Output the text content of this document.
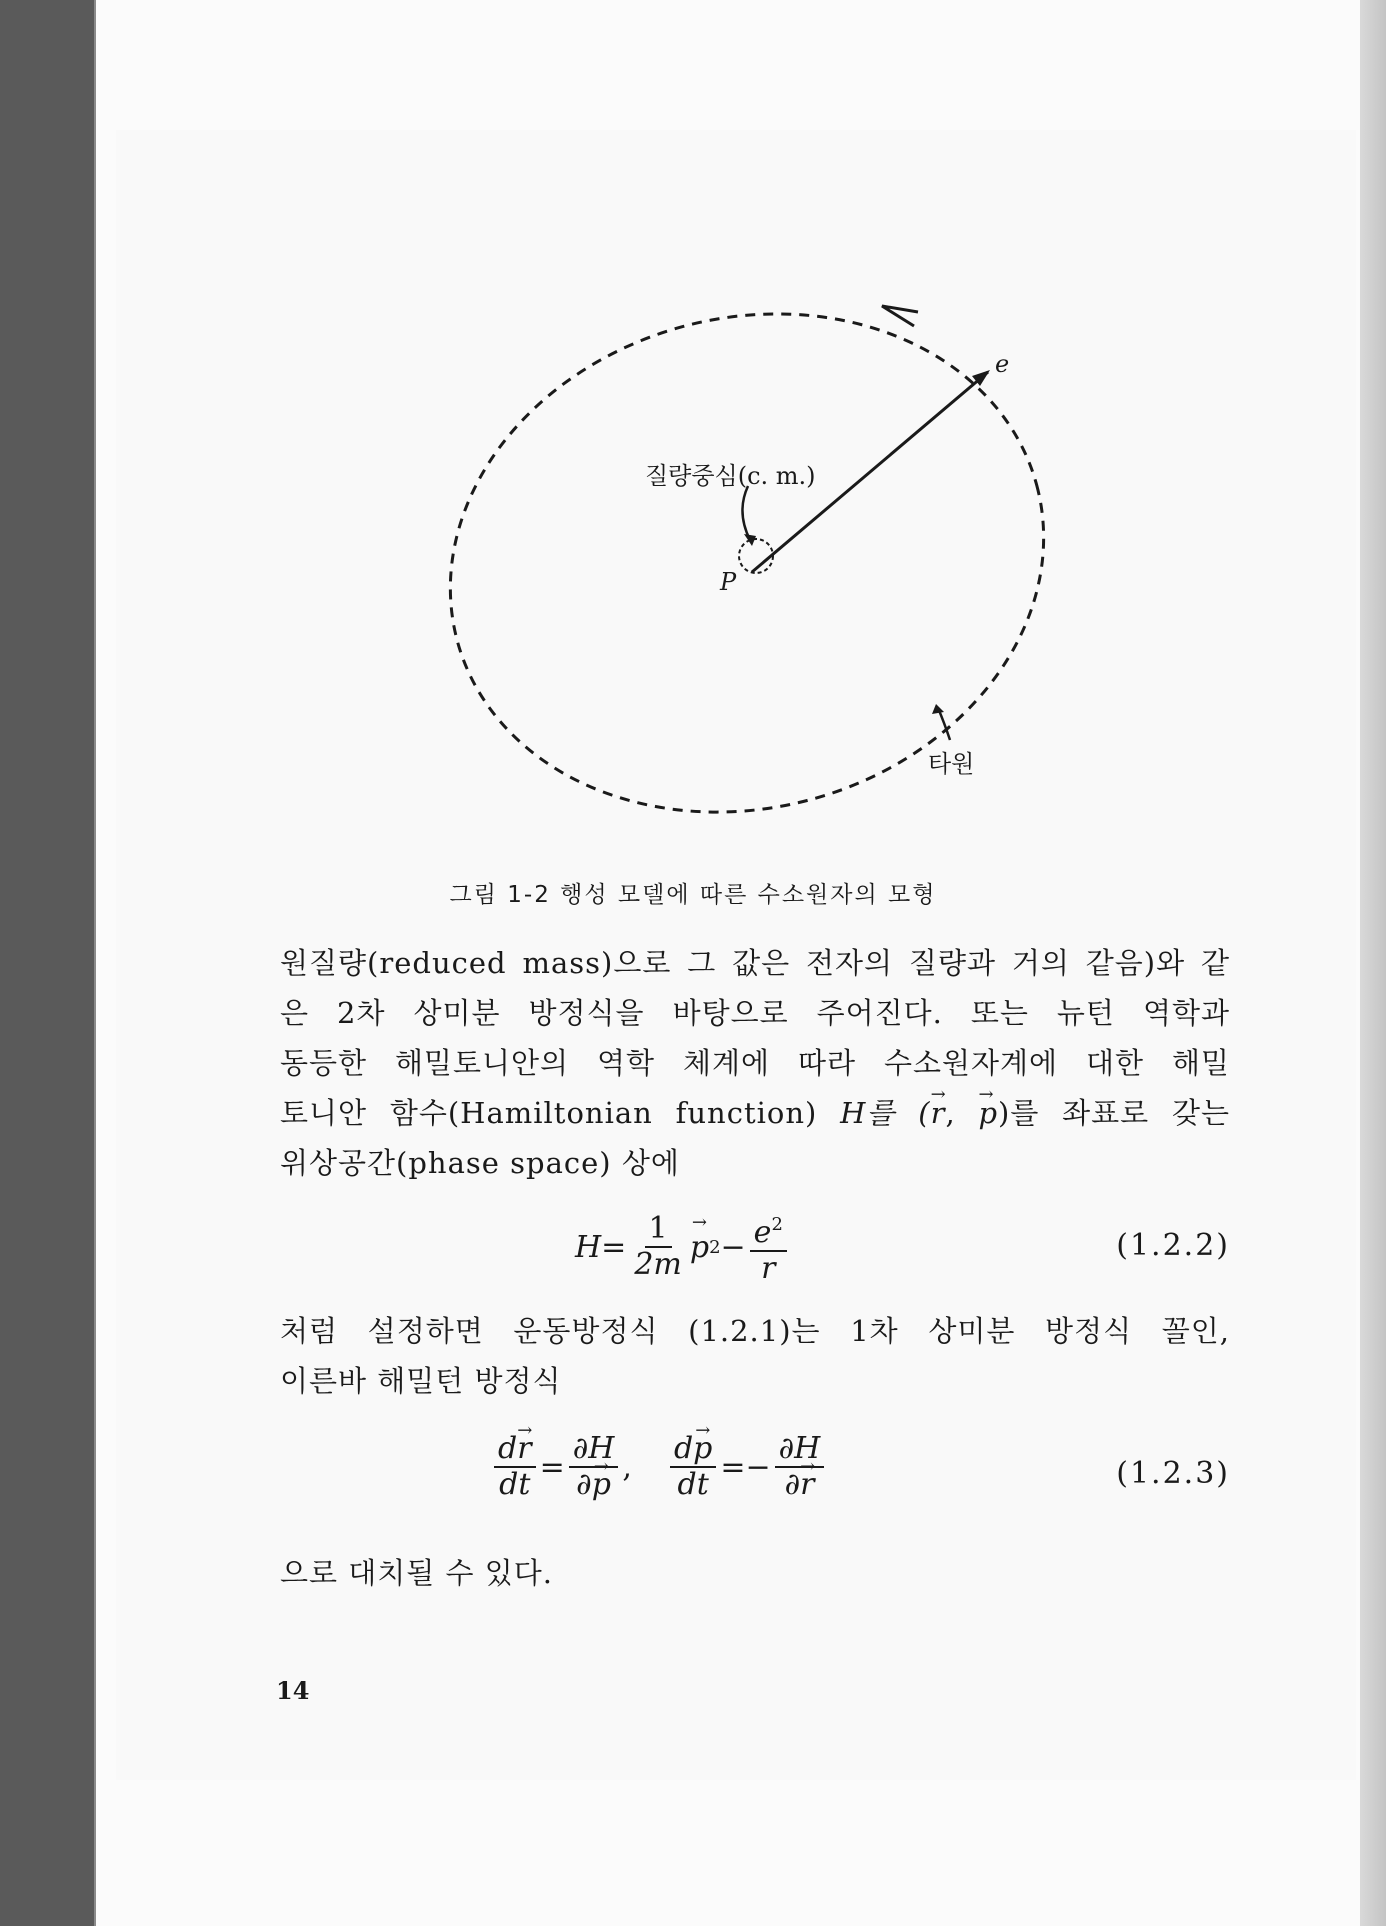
e
질량중심(c. m.)
P
타원
그림 1-2 행성 모델에 따른 수소원자의 모형
원질량(reduced mass)으로 그 값은 전자의 질량과 거의 같음)와 같
은 2차 상미분 방정식을 바탕으로 주어진다. 또는 뉴턴 역학과
동등한 해밀토니안의 역학 체계에 따라 수소원자계에 대한 해밀
토니안 함수(Hamiltonian function) H를 (→ r, → p)를 좌표로 갖는
위상공간(phase space) 상에
$H= \frac{1}{2m}$
→ p $2 - \frac{e^2}{r}$	(1.2.2)
처럼 설정하면 운동방정식 (1.2.1)는 1차 상미분 방정식 꼴인,
이른바 해밀턴 방정식
$\frac{d\to r}{dt} = \frac{\partial H}{\partial\to p}$ , $\frac{d\to p}{dt}$ = − $\frac{\partial H}{\partial\to r}$	(1.2.3)
으로 대치될 수 있다.
14
